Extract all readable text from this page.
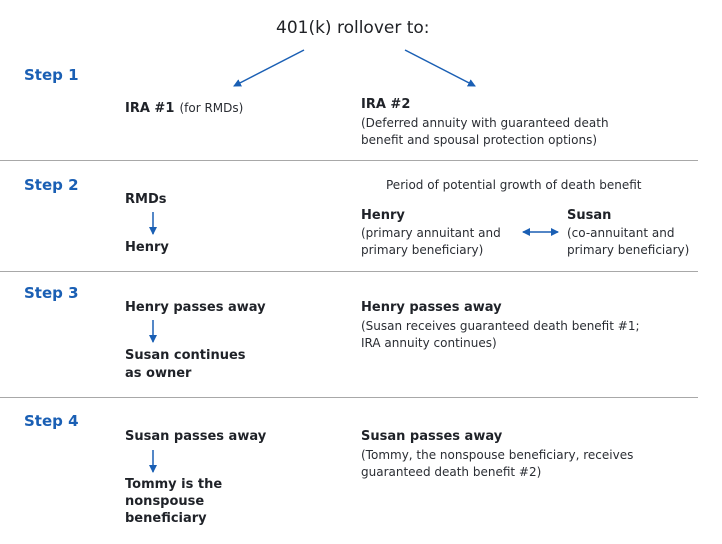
401(k) rollover to:
Step 1
IRA #1 (for RMDs)	IRA #2
(Deferred annuity with guaranteed death
benefit and spousal protection options)
Step 2
RMDs
Henry
Period of potential growth of death benefit
Henry
(primary annuitant and
primary beneficiary)
Susan
(co-annuitant and
primary beneficiary)
Step 3
Henry passes away
Susan continues
as owner
Henry passes away
(Susan receives guaranteed death benefit #1;
IRA annuity continues)
Step 4
Susan passes away
Tommy is the
nonspouse
beneficiary
Susan passes away
(Tommy, the nonspouse beneficiary, receives
guaranteed death benefit #2)
